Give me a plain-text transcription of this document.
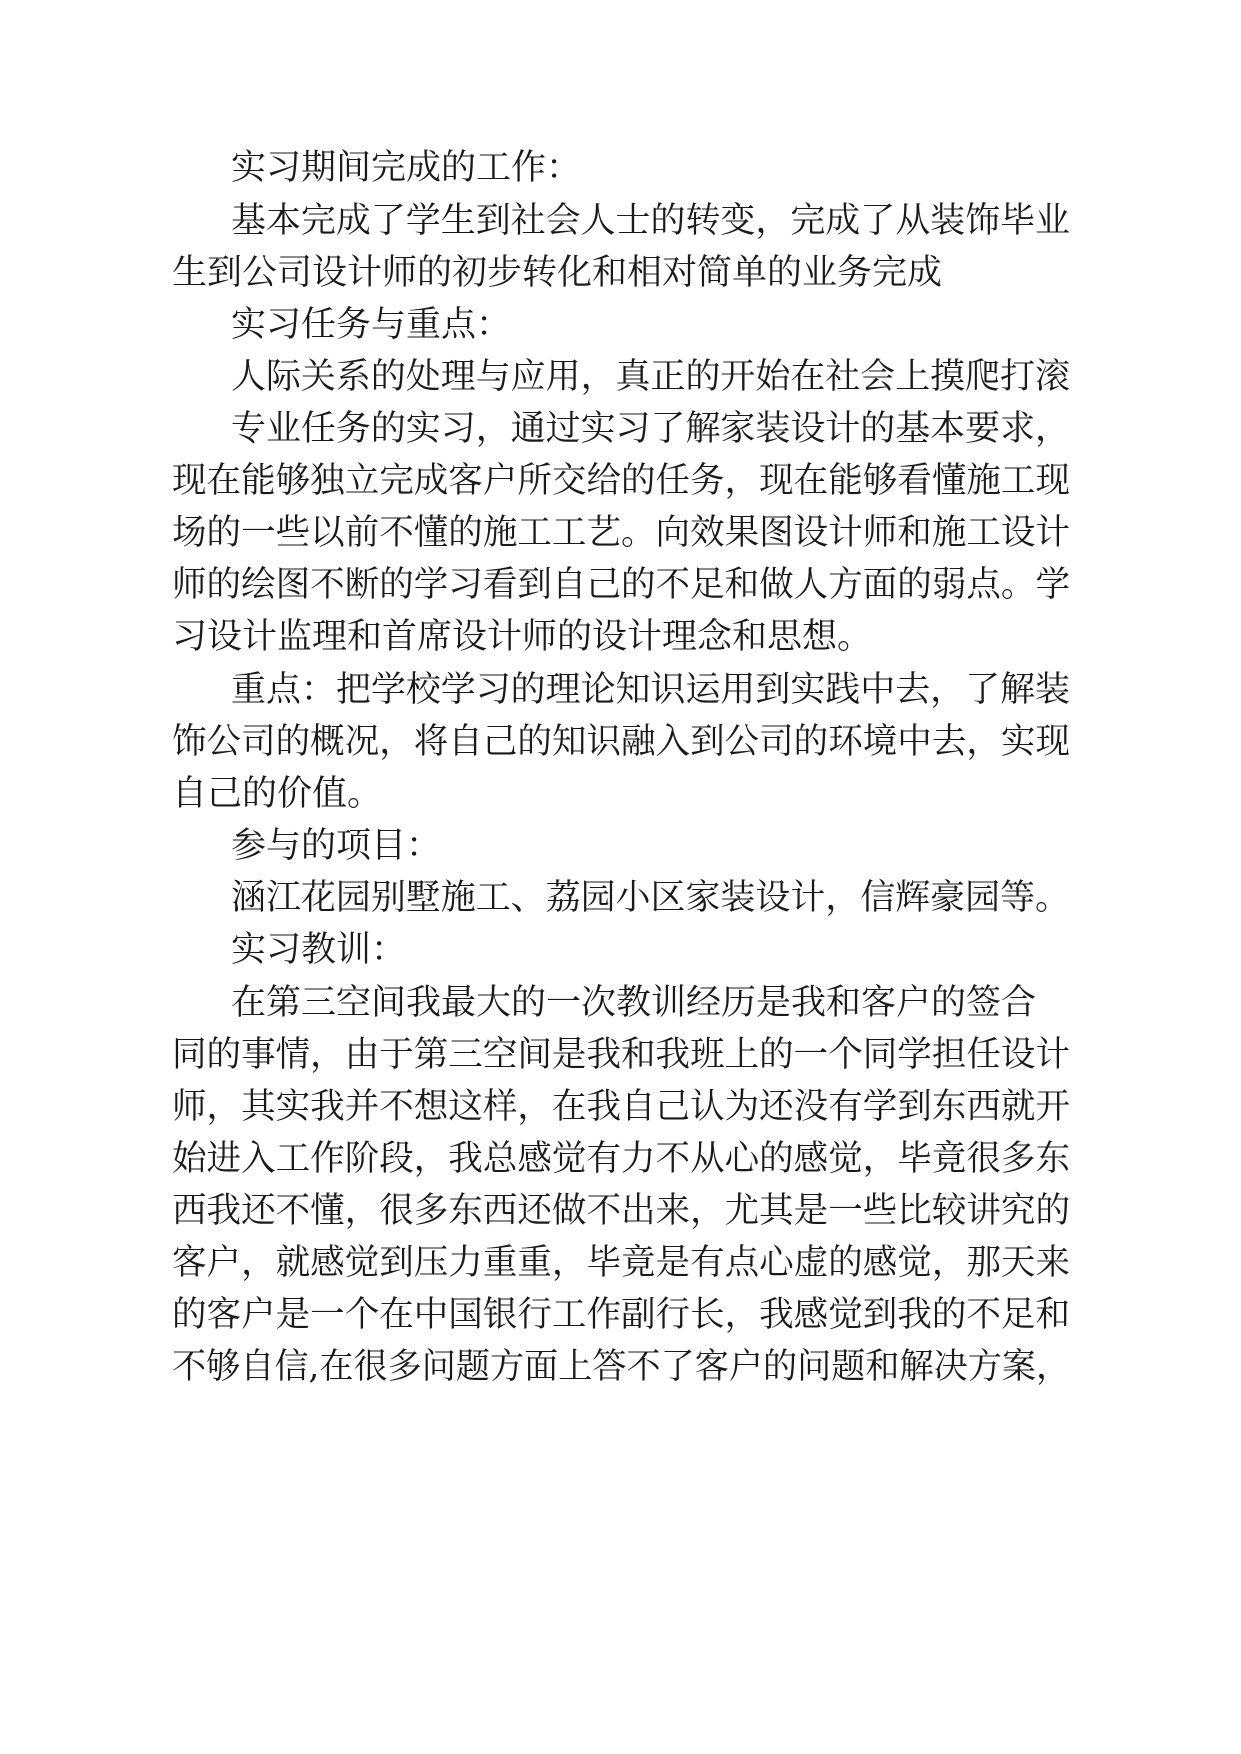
实习期间完成的工作：

基本完成了学生到社会人士的转变，完成了从装饰毕业

生到公司设计师的初步转化和相对简单的业务完成

实习任务与重点：

人际关系的处理与应用，真正的开始在社会上摸爬打滚

专业任务的实习，通过实习了解家装设计的基本要求，

现在能够独立完成客户所交给的任务，现在能够看懂施工现

场的一些以前不懂的施工工艺。向效果图设计师和施工设计

师的绘图不断的学习看到自己的不足和做人方面的弱点。学

习设计监理和首席设计师的设计理念和思想。

重点：把学校学习的理论知识运用到实践中去，了解装

饰公司的概况，将自己的知识融入到公司的环境中去，实现

自己的价值。

参与的项目：

涵江花园别墅施工、荔园小区家装设计，信辉豪园等。

实习教训：

在第三空间我最大的一次教训经历是我和客户的签合

同的事情，由于第三空间是我和我班上的一个同学担任设计

师，其实我并不想这样，在我自己认为还没有学到东西就开

始进入工作阶段，我总感觉有力不从心的感觉，毕竟很多东

西我还不懂，很多东西还做不出来，尤其是一些比较讲究的

客户，就感觉到压力重重，毕竟是有点心虚的感觉，那天来

的客户是一个在中国银行工作副行长，我感觉到我的不足和

不够自信,在很多问题方面上答不了客户的问题和解决方案，
